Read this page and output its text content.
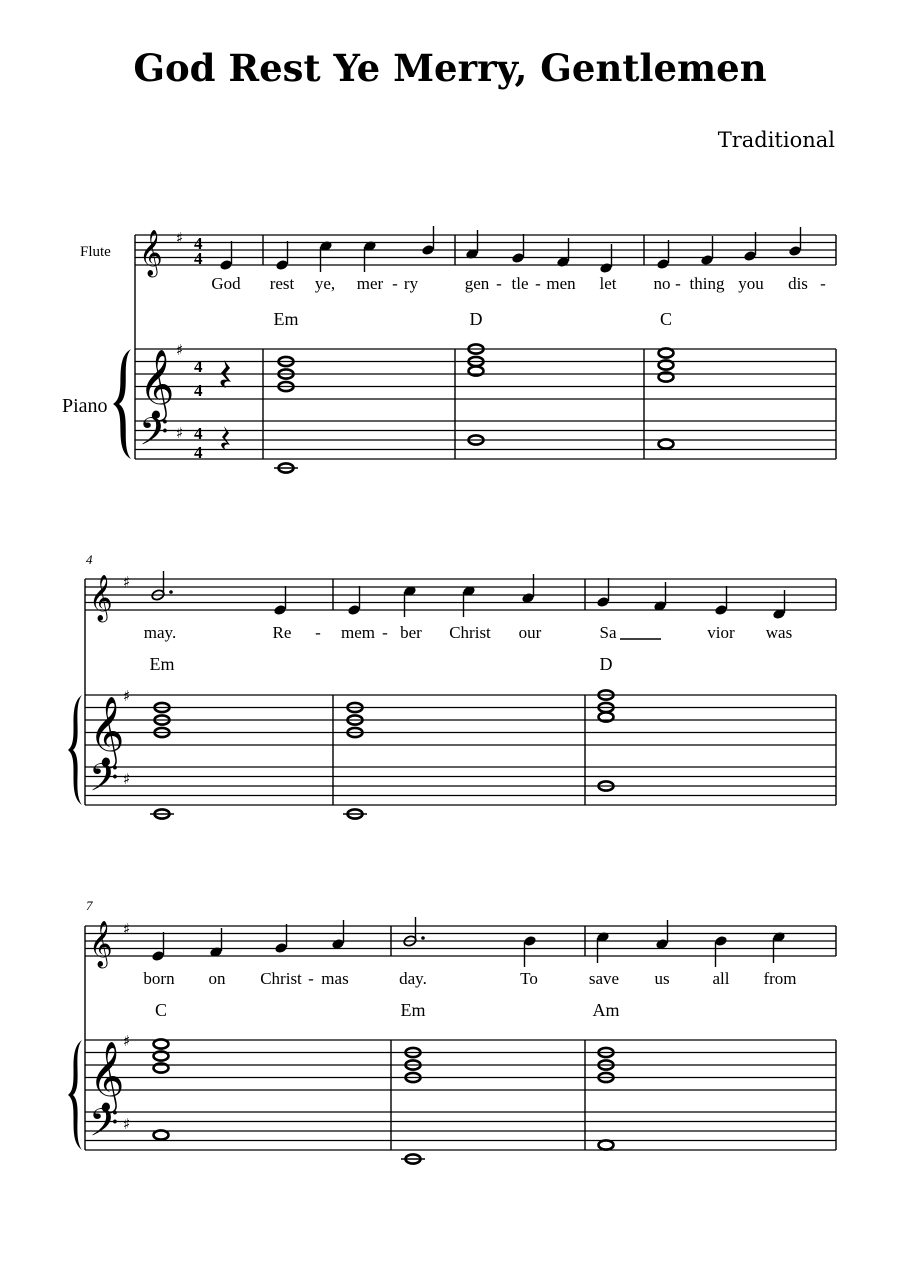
God Rest Ye Merry, Gentlemen
Traditional
Flute
Piano
𝄞
𝄞
𝄢
♯
♯
♯
4
4
4
4
4
4
God rest ye, mer - ry	gen - tle - men let no - thing you dis -
Em	D	C
4
𝄞
𝄞
𝄢
♯
♯
♯
may.	Re - mem - ber Christ our	Sa	vior was
Em	D
7
𝄞
𝄞
𝄢
♯
♯
♯
born on Christ - mas	day.	To	save us	all from
C	Em	Am
